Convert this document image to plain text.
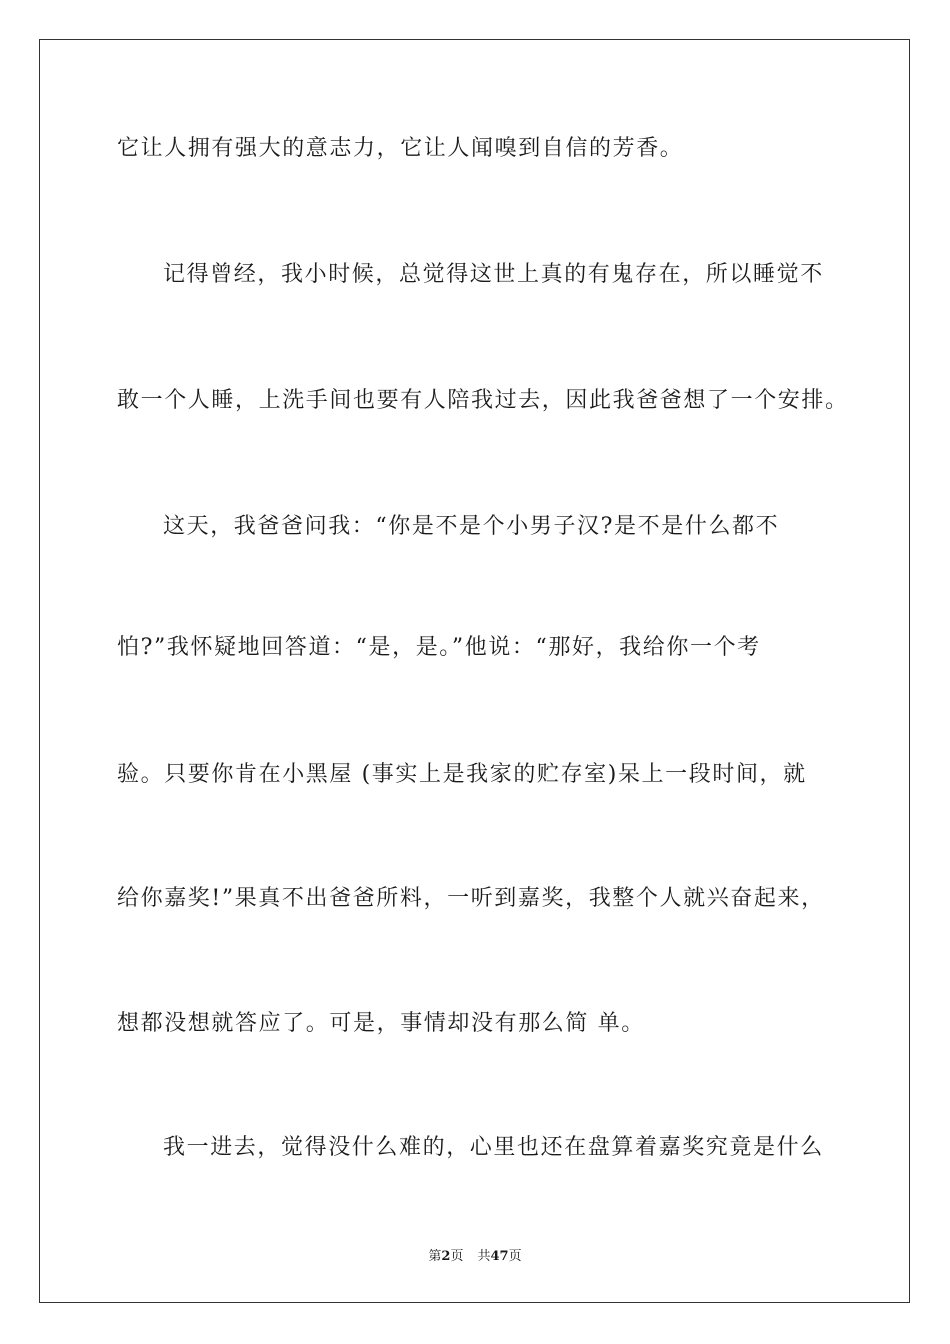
它让人拥有强大的意志力，它让人闻嗅到自信的芳香。
记得曾经，我小时候，总觉得这世上真的有鬼存在，所以睡觉不
敢一个人睡，上洗手间也要有人陪我过去，因此我爸爸想了一个安排。
这天，我爸爸问我：“你是不是个小男子汉?是不是什么都不
怕?”我怀疑地回答道：“是，是。”他说：“那好，我给你一个考
验。只要你肯在小黑屋 (事实上是我家的贮存室)呆上一段时间，就
给你嘉奖!”果真不出爸爸所料，一听到嘉奖，我整个人就兴奋起来，
想都没想就答应了。可是，事情却没有那么简 单。
我一进去，觉得没什么难的，心里也还在盘算着嘉奖究竟是什么
第2页 共47页
